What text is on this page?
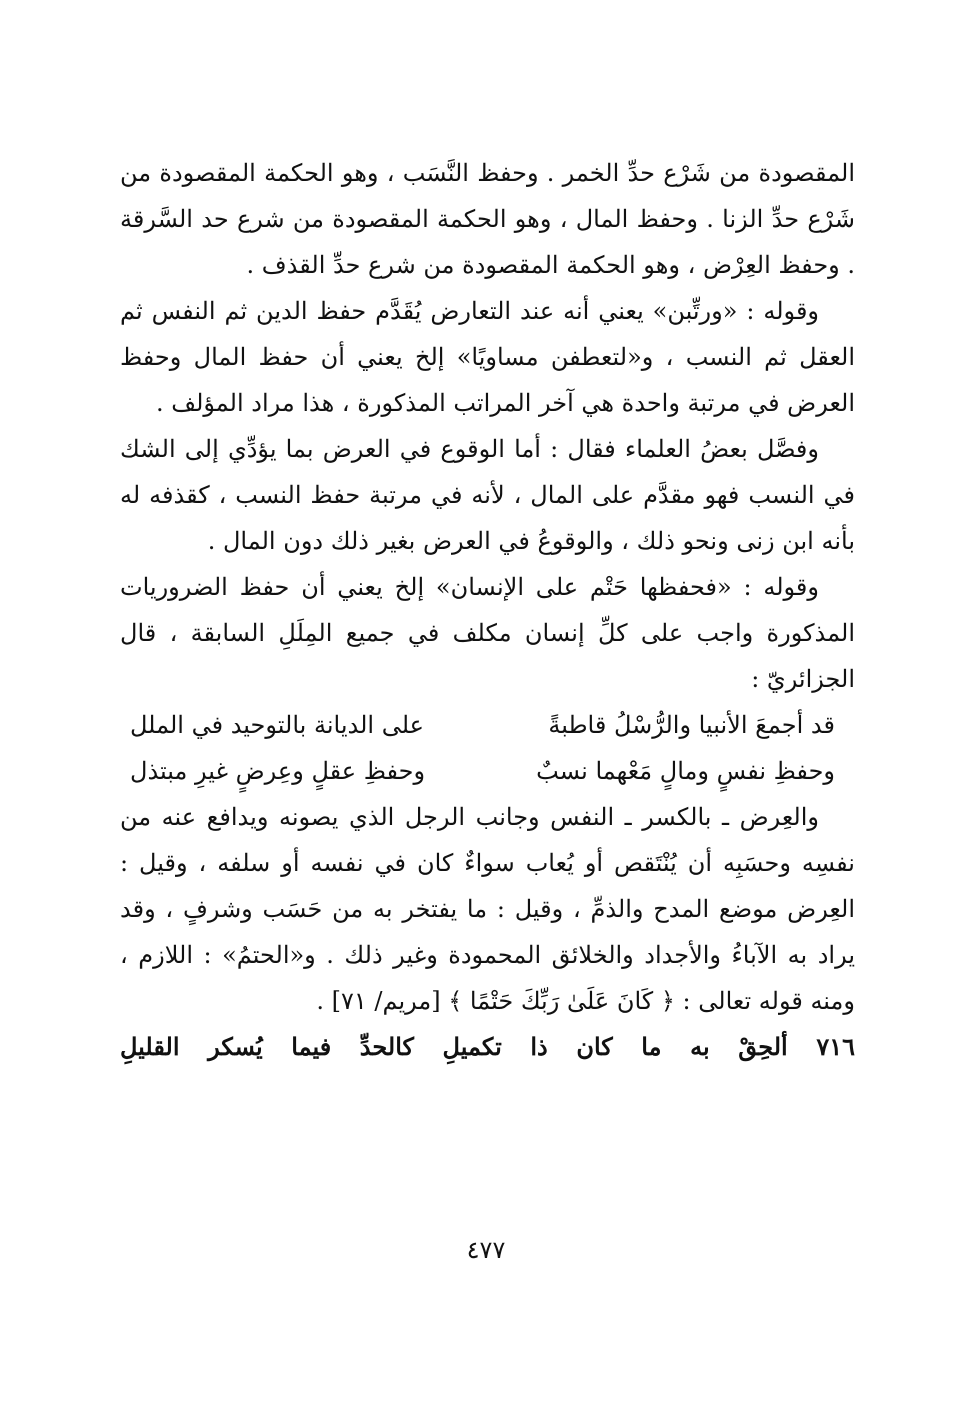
المقصودة من شَرْع حدِّ الخمر . وحفظ النَّسَب ، وهو الحكمة المقصودة من شَرْع حدِّ الزنا . وحفظ المال ، وهو الحكمة المقصودة من شرع حد السَّرقة . وحفظ العِرْض ، وهو الحكمة المقصودة من شرع حدِّ القذف .

وقوله : «ورتِّبن» يعني أنه عند التعارض يُقَدَّم حفظ الدين ثم النفس ثم العقل ثم النسب ، و«لتعطفن مساويًا» إلخ يعني أن حفظ المال وحفظ العرض في مرتبة واحدة هي آخر المراتب المذكورة ، هذا مراد المؤلف .

وفصَّل بعضُ العلماء فقال : أما الوقوع في العرض بما يؤدِّي إلى الشك في النسب فهو مقدَّم على المال ، لأنه في مرتبة حفظ النسب ، كقذفه له بأنه ابن زنى ونحو ذلك ، والوقوعُ في العرض بغير ذلك دون المال .

وقوله : «فحفظها حَتْم على الإنسان» إلخ يعني أن حفظ الضروريات المذكورة واجب على كلِّ إنسان مكلف في جميع المِلَلِ السابقة ، قال الجزائريّ :

قد أجمعَ الأنبيا والرُّسْلُ قاطبةً
على الديانة بالتوحيد في الملل
وحفظِ نفسٍ ومالٍ مَعْهما نسبٌ
وحفظِ عقلٍ وعِرضٍ غيرِ مبتذل

والعِرض ـ بالكسر ـ النفس وجانب الرجل الذي يصونه ويدافع عنه من نفسِه وحسَبِه أن يُنْتَقص أو يُعاب سواءٌ كان في نفسه أو سلفه ، وقيل : العِرض موضع المدح والذمِّ ، وقيل : ما يفتخر به من حَسَب وشرفٍ ، وقد يراد به الآباءُ والأجداد والخلائق المحمودة وغير ذلك . و«الحتمُ» : اللازم ، ومنه قوله تعالى : ﴿ كَانَ عَلَىٰ رَبِّكَ حَتْمًا ﴾ [مريم/ ٧١] .

٧١٦ ألحِقْ به ما كان ذا تكميلِ كالحدِّ فيما يُسكر القليلِ

٤٧٧
